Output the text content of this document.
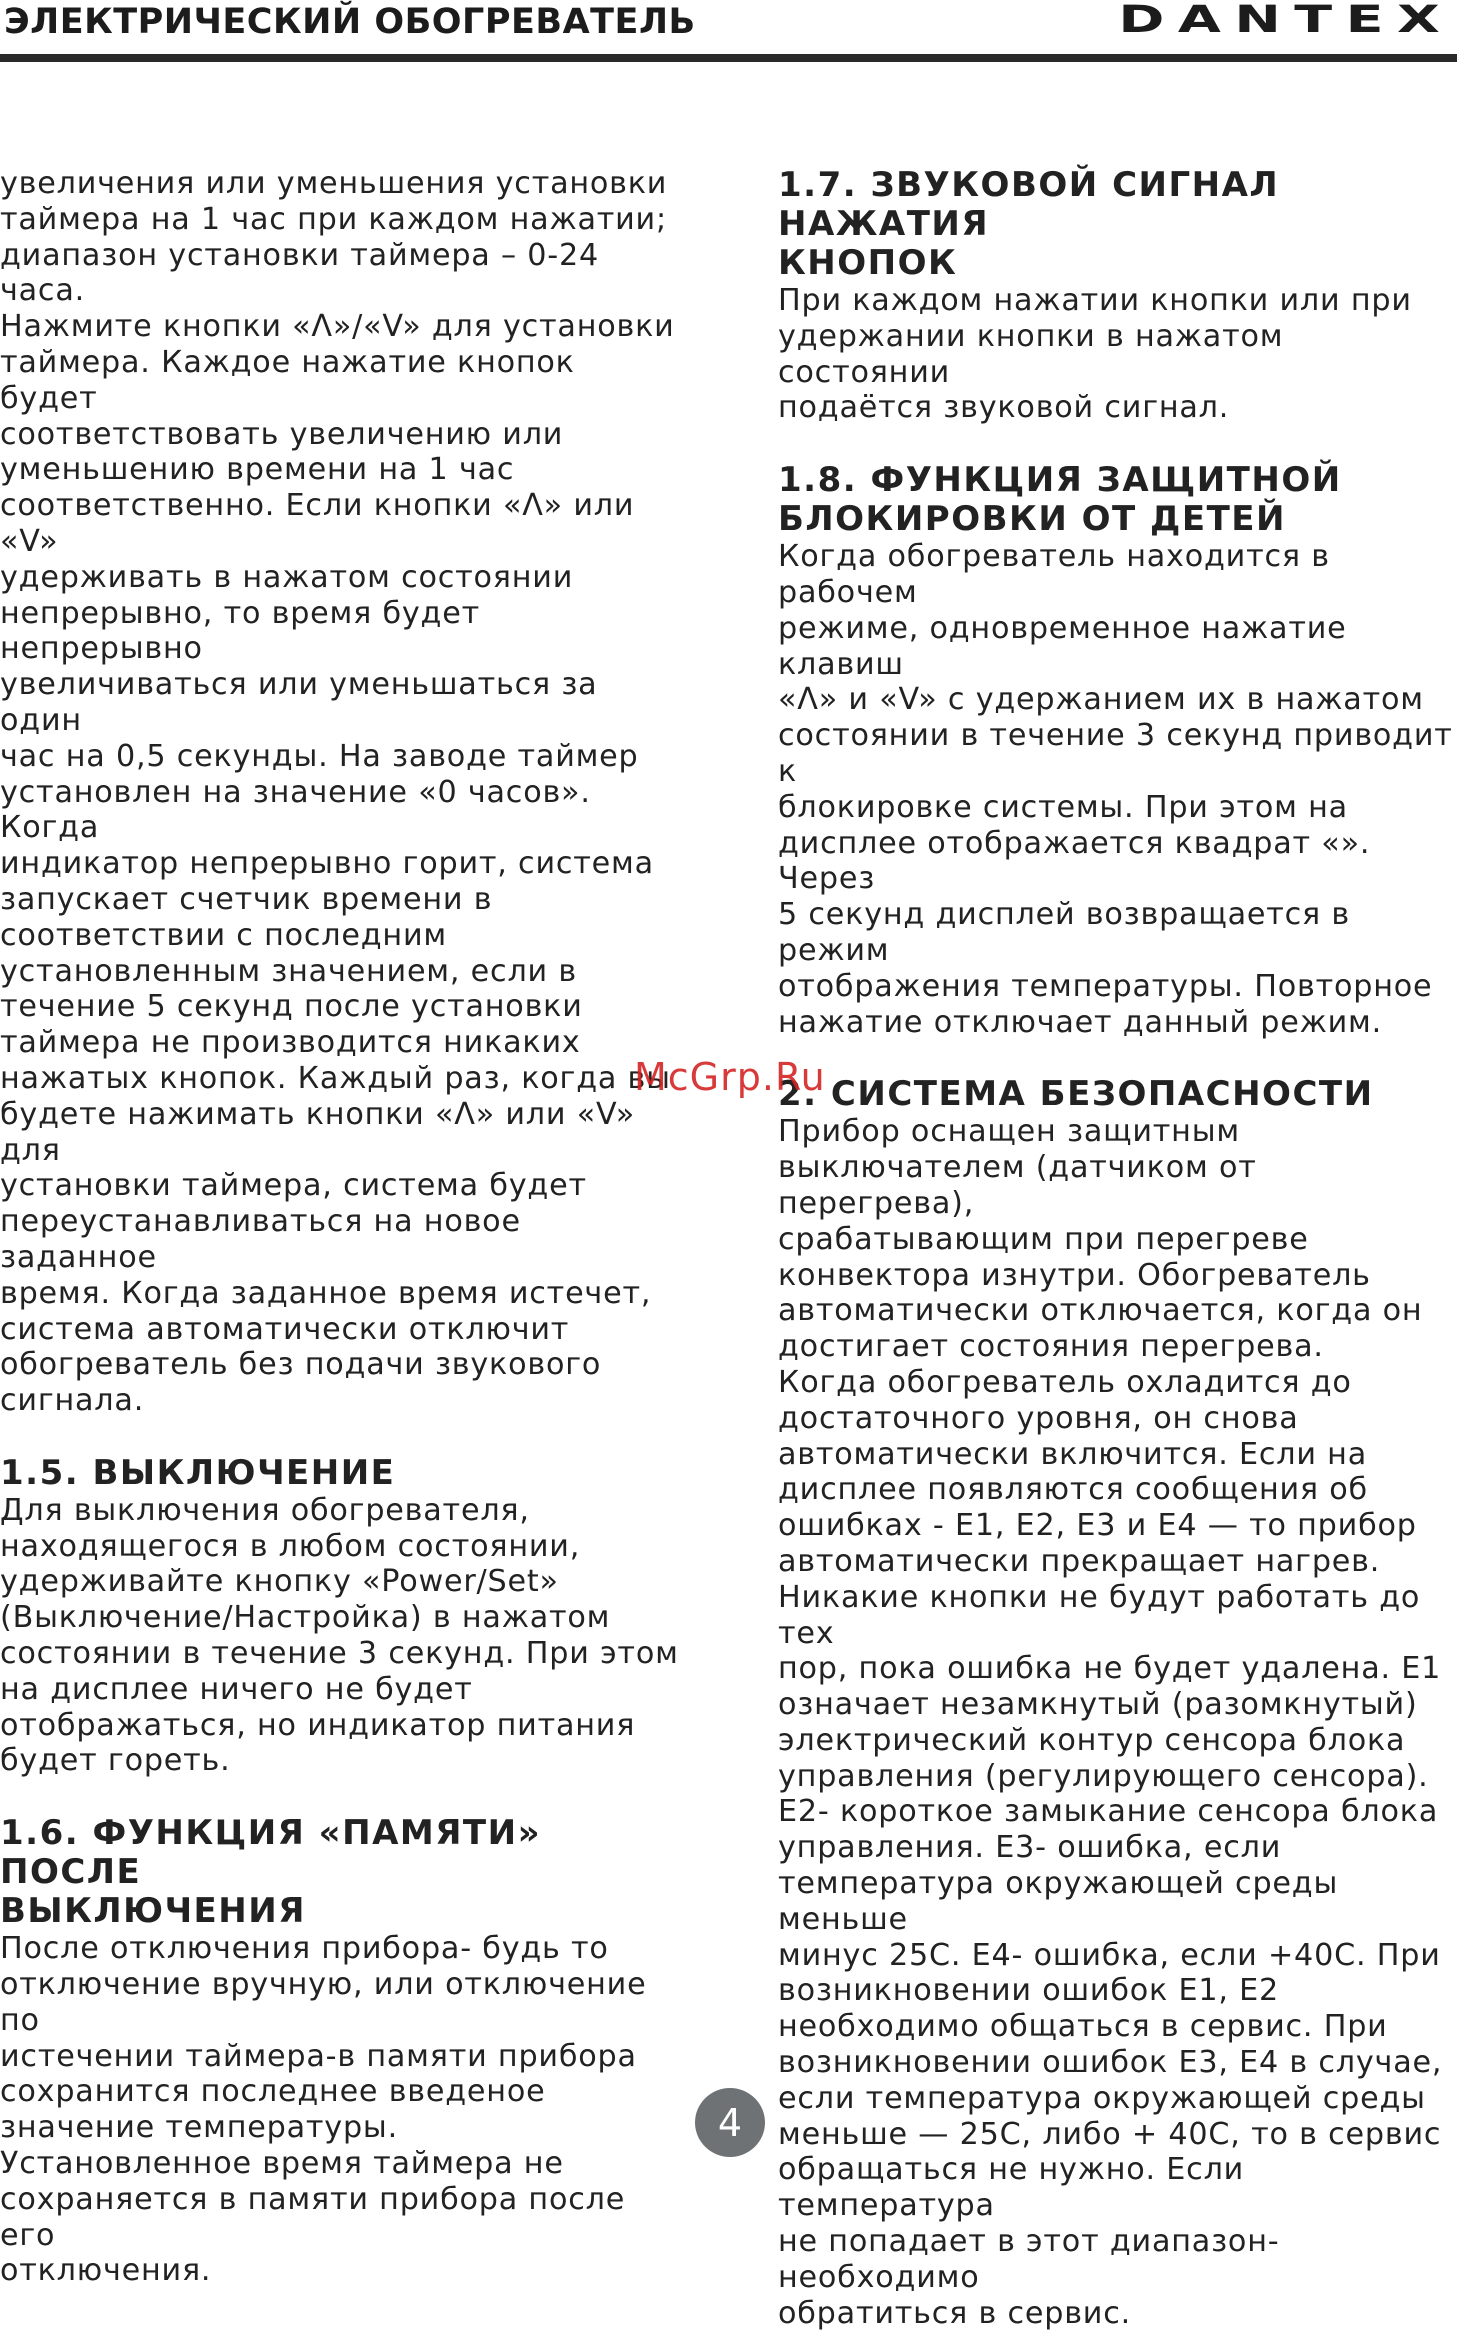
ЭЛЕКТРИЧЕСКИЙ ОБОГРЕВАТЕЛЬ	DANTEX

увеличения или уменьшения установки
таймера на 1 час при каждом нажатии;
диапазон установки таймера – 0-24 часа.
Нажмите кнопки «Λ»/«V» для установки
таймера. Каждое нажатие кнопок будет
соответствовать увеличению или
уменьшению времени на 1 час
соответственно. Если кнопки «Λ» или «V»
удерживать в нажатом состоянии
непрерывно, то время будет непрерывно
увеличиваться или уменьшаться за один
час на 0,5 секунды. На заводе таймер
установлен на значение «0 часов». Когда
индикатор непрерывно горит, система
запускает счетчик времени в
соответствии с последним
установленным значением, если в
течение 5 секунд после установки
таймера не производится никаких
нажатых кнопок. Каждый раз, когда вы
будете нажимать кнопки «Λ» или «V» для
установки таймера, система будет
переустанавливаться на новое заданное
время. Когда заданное время истечет,
система автоматически отключит
обогреватель без подачи звукового
сигнала.

1.5. ВЫКЛЮЧЕНИЕ

Для выключения обогревателя,
находящегося в любом состоянии,
удерживайте кнопку «Power/Set»
(Выключение/Настройка) в нажатом
состоянии в течение 3 секунд. При этом
на дисплее ничего не будет
отображаться, но индикатор питания
будет гореть.

1.6. ФУНКЦИЯ «ПАМЯТИ» ПОСЛЕ
ВЫКЛЮЧЕНИЯ

После отключения прибора- будь то
отключение вручную, или отключение по
истечении таймера-в памяти прибора
сохранится последнее введеное
значение температуры.
Установленное время таймера не
сохраняется в памяти прибора после его
отключения.

1.7. ЗВУКОВОЙ СИГНАЛ НАЖАТИЯ
КНОПОК

При каждом нажатии кнопки или при
удержании кнопки в нажатом состоянии
подаётся звуковой сигнал.

1.8. ФУНКЦИЯ ЗАЩИТНОЙ
БЛОКИРОВКИ ОТ ДЕТЕЙ

Когда обогреватель находится в рабочем
режиме, одновременное нажатие клавиш
«Λ» и «V» с удержанием их в нажатом
состоянии в течение 3 секунд приводит к
блокировке системы. При этом на
дисплее отображается квадрат «». Через
5 секунд дисплей возвращается в режим
отображения температуры. Повторное
нажатие отключает данный режим.

2. СИСТЕМА БЕЗОПАСНОСТИ

Прибор оснащен защитным
выключателем (датчиком от перегрева),
срабатывающим при перегреве
конвектора изнутри. Обогреватель
автоматически отключается, когда он
достигает состояния перегрева.
Когда обогреватель охладится до
достаточного уровня, он снова
автоматически включится. Если на
дисплее появляются сообщения об
ошибках - E1, E2, E3 и E4 — то прибор
автоматически прекращает нагрев.
Никакие кнопки не будут работать до тех
пор, пока ошибка не будет удалена. E1
означает незамкнутый (разомкнутый)
электрический контур сенсора блока
управления (регулирующего сенсора).
E2- короткое замыкание сенсора блока
управления. E3- ошибка, если
температура окружающей среды меньше
минус 25C. E4- ошибка, если +40C. При
возникновении ошибок E1, E2
необходимо общаться в сервис. При
возникновении ошибок E3, E4 в случае,
если температура окружающей среды
меньше — 25C, либо + 40C, то в сервис
обращаться не нужно. Если температура
не попадает в этот диапазон-необходимо
обратиться в сервис.

McGrp.Ru
4
